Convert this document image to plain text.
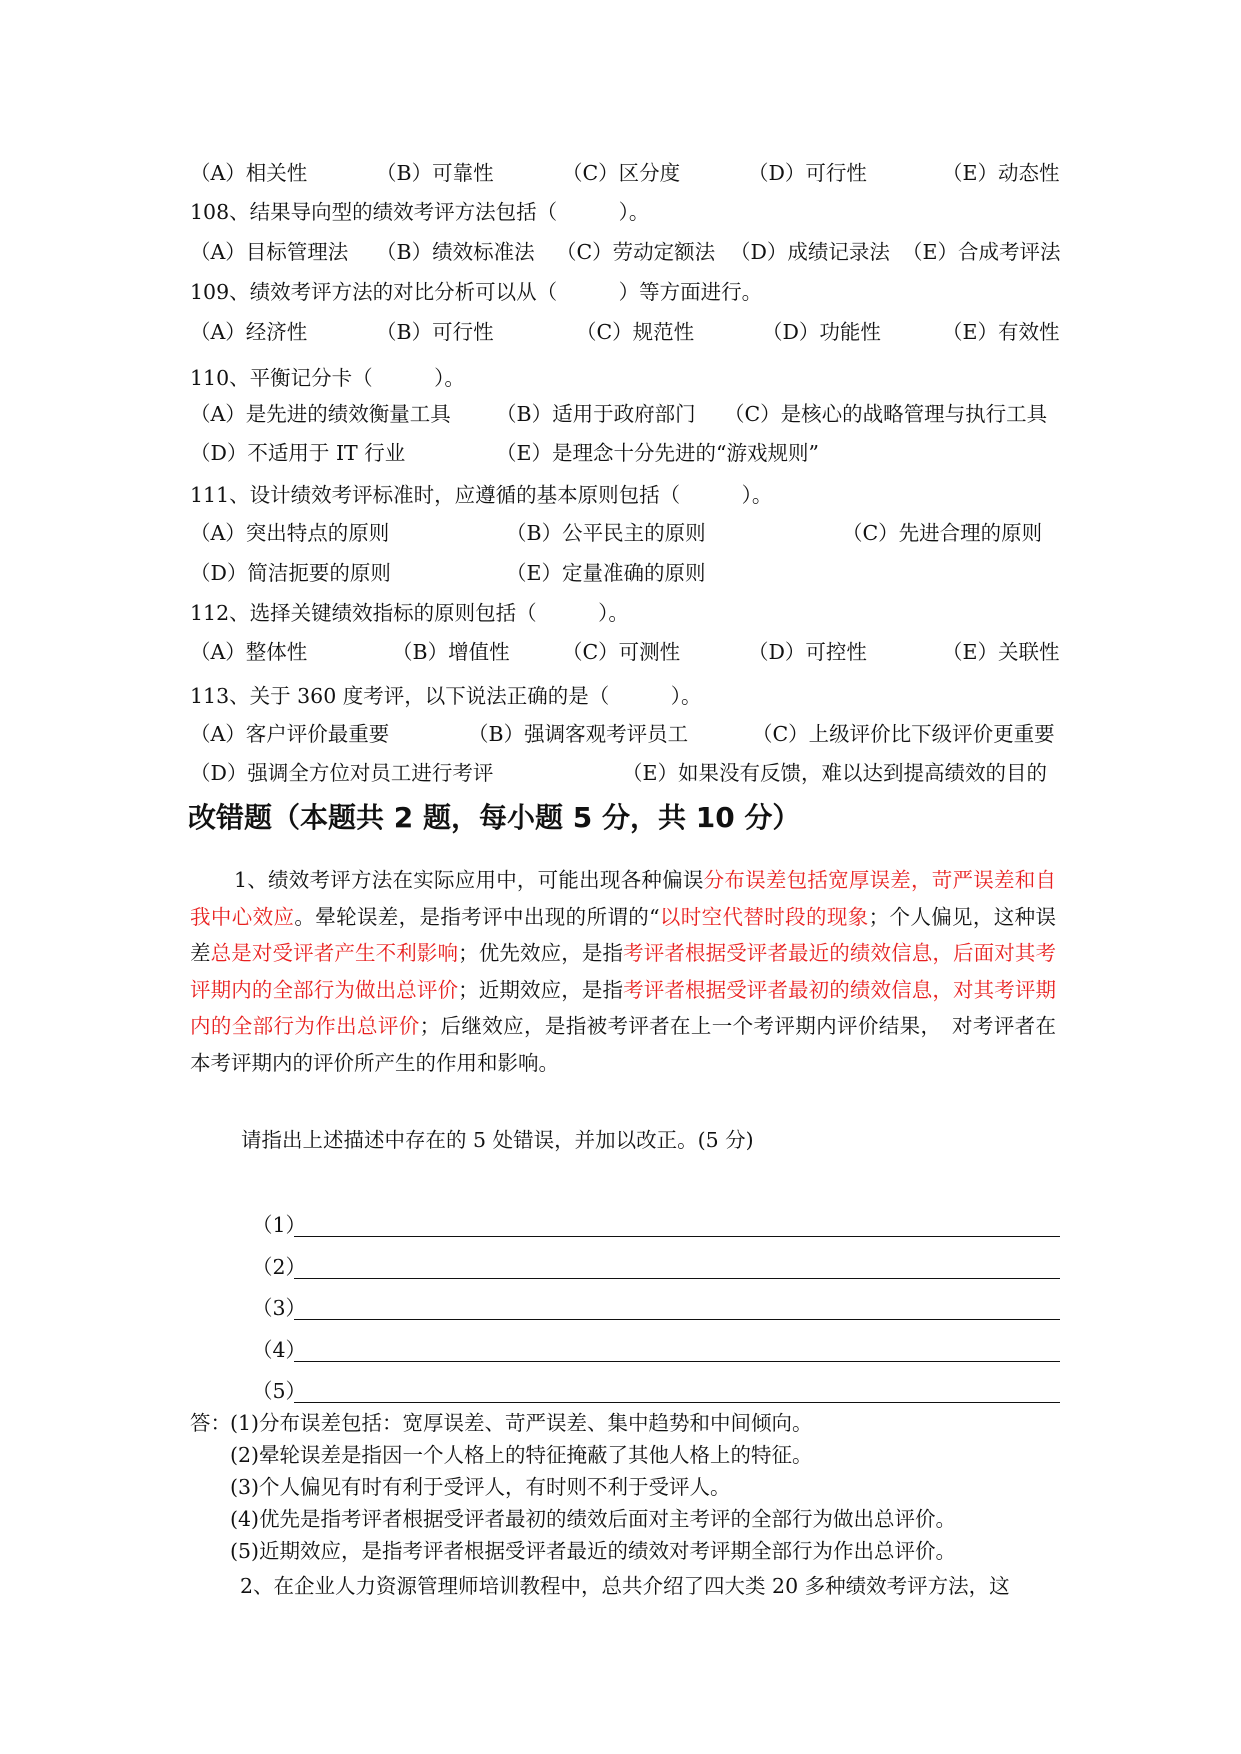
（A）相关性	（B）可靠性	（C）区分度	（D）可行性	（E）动态性
108、结果导向型的绩效考评方法包括（　　　）。
（A）目标管理法 （B）绩效标准法 （C）劳动定额法 （D）成绩记录法 （E）合成考评法
109、绩效考评方法的对比分析可以从（　　　）等方面进行。
（A）经济性	（B）可行性	（C）规范性	（D）功能性	（E）有效性
110、平衡记分卡（　　　）。
（A）是先进的绩效衡量工具 （B）适用于政府部门 （C）是核心的战略管理与执行工具
（D）不适用于 IT 行业	（E）是理念十分先进的“游戏规则”
111、设计绩效考评标准时，应遵循的基本原则包括（　　　）。
（A）突出特点的原则	（B）公平民主的原则	（C）先进合理的原则
（D）简洁扼要的原则	（E）定量准确的原则
112、选择关键绩效指标的原则包括（　　　）。
（A）整体性	（B）增值性	（C）可测性	（D）可控性	（E）关联性
113、关于 360 度考评，以下说法正确的是（　　　）。
（A）客户评价最重要	（B）强调客观考评员工	（C）上级评价比下级评价更重要
（D）强调全方位对员工进行考评	（E）如果没有反馈，难以达到提高绩效的目的
改错题（本题共 2 题，每小题 5 分，共 10 分）

1、绩效考评方法在实际应用中，可能出现各种偏误分布误差包括宽厚误差，苛严误差和自我中心效应。晕轮误差，是指考评中出现的所谓的“以时空代替时段的现象；个人偏见，这种误差总是对受评者产生不利影响；优先效应，是指考评者根据受评者最近的绩效信息，后面对其考评期内的全部行为做出总评价；近期效应，是指考评者根据受评者最初的绩效信息，对其考评期内的全部行为作出总评价；后继效应，是指被考评者在上一个考评期内评价结果，　对考评者在本考评期内的评价所产生的作用和影响。

请指出上述描述中存在的 5 处错误，并加以改正。(5 分)
（1）
（2）
（3）
（4）
（5）
答： (1)分布误差包括：宽厚误差、苛严误差、集中趋势和中间倾向。
(2)晕轮误差是指因一个人格上的特征掩蔽了其他人格上的特征。
(3)个人偏见有时有利于受评人，有时则不利于受评人。
(4)优先是指考评者根据受评者最初的绩效后面对主考评的全部行为做出总评价。
(5)近期效应，是指考评者根据受评者最近的绩效对考评期全部行为作出总评价。
2、在企业人力资源管理师培训教程中，总共介绍了四大类 20 多种绩效考评方法，这
